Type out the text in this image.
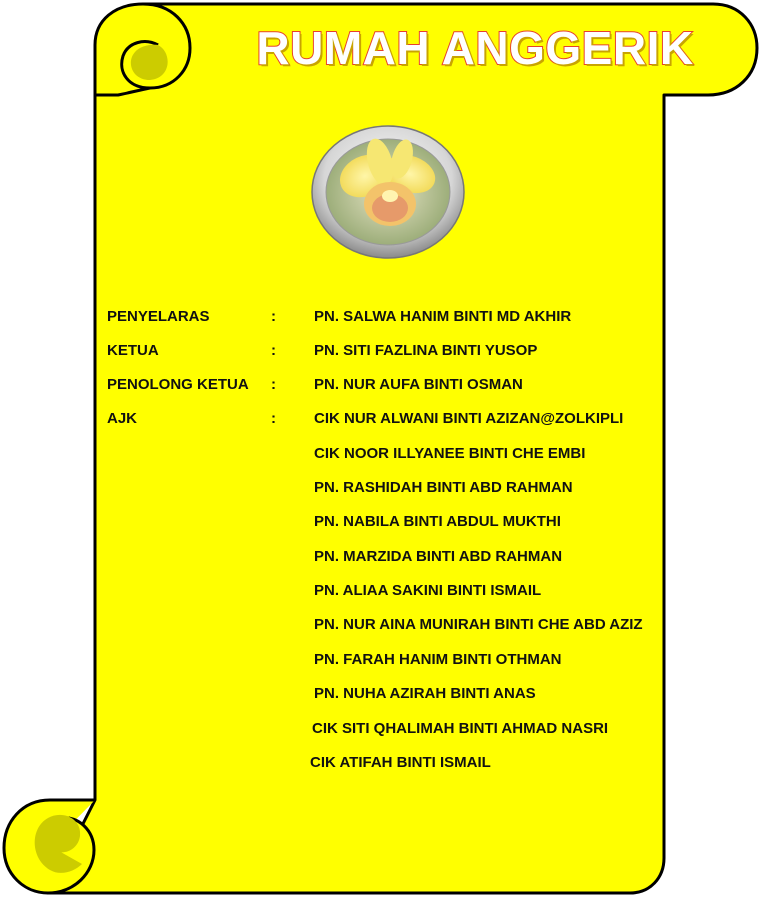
RUMAH ANGGERIK
PENYELARAS	:	PN. SALWA HANIM BINTI MD AKHIR
KETUA	:	PN. SITI FAZLINA BINTI YUSOP
PENOLONG KETUA :	PN. NUR AUFA BINTI OSMAN
AJK	:	CIK NUR ALWANI BINTI AZIZAN@ZOLKIPLI
CIK NOOR ILLYANEE BINTI CHE EMBI
PN. RASHIDAH BINTI ABD RAHMAN
PN. NABILA BINTI ABDUL MUKTHI
PN. MARZIDA BINTI ABD RAHMAN
PN. ALIAA SAKINI BINTI ISMAIL
PN. NUR AINA MUNIRAH BINTI CHE ABD AZIZ
PN. FARAH HANIM BINTI OTHMAN
PN. NUHA AZIRAH BINTI ANAS
CIK SITI QHALIMAH BINTI AHMAD NASRI
CIK ATIFAH BINTI ISMAIL
